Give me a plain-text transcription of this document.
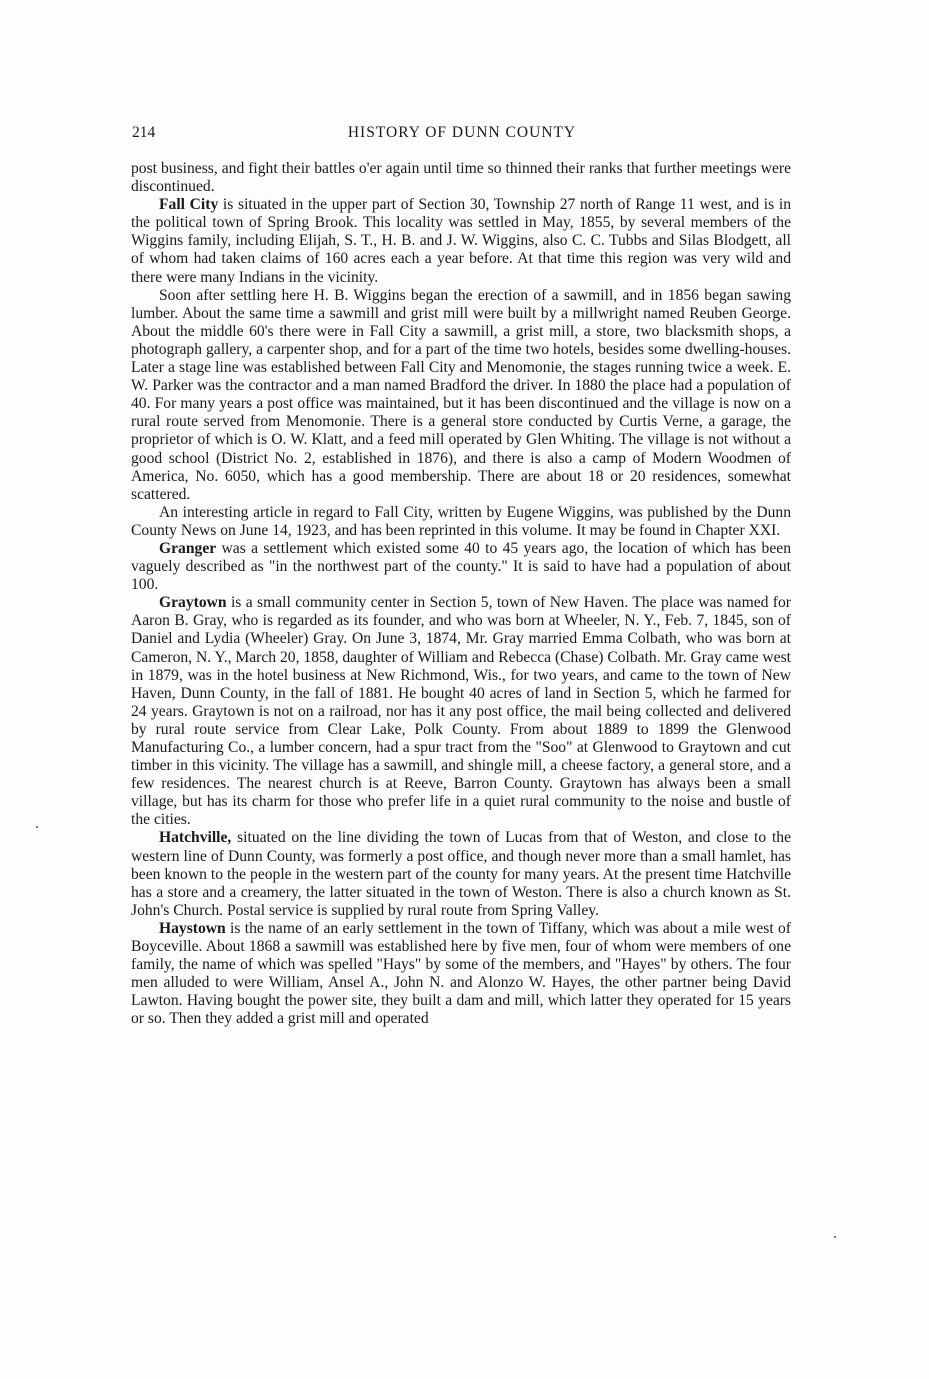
214	HISTORY OF DUNN COUNTY

post business, and fight their battles o'er again until time so thinned their ranks that further meetings were discontinued.

Fall City is situated in the upper part of Section 30, Township 27 north of Range 11 west, and is in the political town of Spring Brook. This locality was settled in May, 1855, by several members of the Wiggins family, including Elijah, S. T., H. B. and J. W. Wiggins, also C. C. Tubbs and Silas Blodgett, all of whom had taken claims of 160 acres each a year before. At that time this region was very wild and there were many Indians in the vicinity.

Soon after settling here H. B. Wiggins began the erection of a sawmill, and in 1856 began sawing lumber. About the same time a sawmill and grist mill were built by a millwright named Reuben George. About the middle 60's there were in Fall City a sawmill, a grist mill, a store, two blacksmith shops, a photograph gallery, a carpenter shop, and for a part of the time two hotels, besides some dwelling-houses. Later a stage line was established between Fall City and Menomonie, the stages running twice a week. E. W. Parker was the contractor and a man named Bradford the driver. In 1880 the place had a population of 40. For many years a post office was maintained, but it has been discontinued and the village is now on a rural route served from Menomonie. There is a general store conducted by Curtis Verne, a garage, the proprietor of which is O. W. Klatt, and a feed mill operated by Glen Whiting. The village is not without a good school (District No. 2, established in 1876), and there is also a camp of Modern Woodmen of America, No. 6050, which has a good membership. There are about 18 or 20 residences, somewhat scattered.

An interesting article in regard to Fall City, written by Eugene Wiggins, was published by the Dunn County News on June 14, 1923, and has been reprinted in this volume. It may be found in Chapter XXI.

Granger was a settlement which existed some 40 to 45 years ago, the location of which has been vaguely described as "in the northwest part of the county." It is said to have had a population of about 100.

Graytown is a small community center in Section 5, town of New Haven. The place was named for Aaron B. Gray, who is regarded as its founder, and who was born at Wheeler, N. Y., Feb. 7, 1845, son of Daniel and Lydia (Wheeler) Gray. On June 3, 1874, Mr. Gray married Emma Colbath, who was born at Cameron, N. Y., March 20, 1858, daughter of William and Rebecca (Chase) Colbath. Mr. Gray came west in 1879, was in the hotel business at New Richmond, Wis., for two years, and came to the town of New Haven, Dunn County, in the fall of 1881. He bought 40 acres of land in Section 5, which he farmed for 24 years. Graytown is not on a railroad, nor has it any post office, the mail being collected and delivered by rural route service from Clear Lake, Polk County. From about 1889 to 1899 the Glenwood Manufacturing Co., a lumber concern, had a spur tract from the "Soo" at Glenwood to Graytown and cut timber in this vicinity. The village has a sawmill, and shingle mill, a cheese factory, a general store, and a few residences. The nearest church is at Reeve, Barron County. Graytown has always been a small village, but has its charm for those who prefer life in a quiet rural community to the noise and bustle of the cities.

Hatchville, situated on the line dividing the town of Lucas from that of Weston, and close to the western line of Dunn County, was formerly a post office, and though never more than a small hamlet, has been known to the people in the western part of the county for many years. At the present time Hatchville has a store and a creamery, the latter situated in the town of Weston. There is also a church known as St. John's Church. Postal service is supplied by rural route from Spring Valley.

Haystown is the name of an early settlement in the town of Tiffany, which was about a mile west of Boyceville. About 1868 a sawmill was established here by five men, four of whom were members of one family, the name of which was spelled "Hays" by some of the members, and "Hayes" by others. The four men alluded to were William, Ansel A., John N. and Alonzo W. Hayes, the other partner being David Lawton. Having bought the power site, they built a dam and mill, which latter they operated for 15 years or so. Then they added a grist mill and operated
